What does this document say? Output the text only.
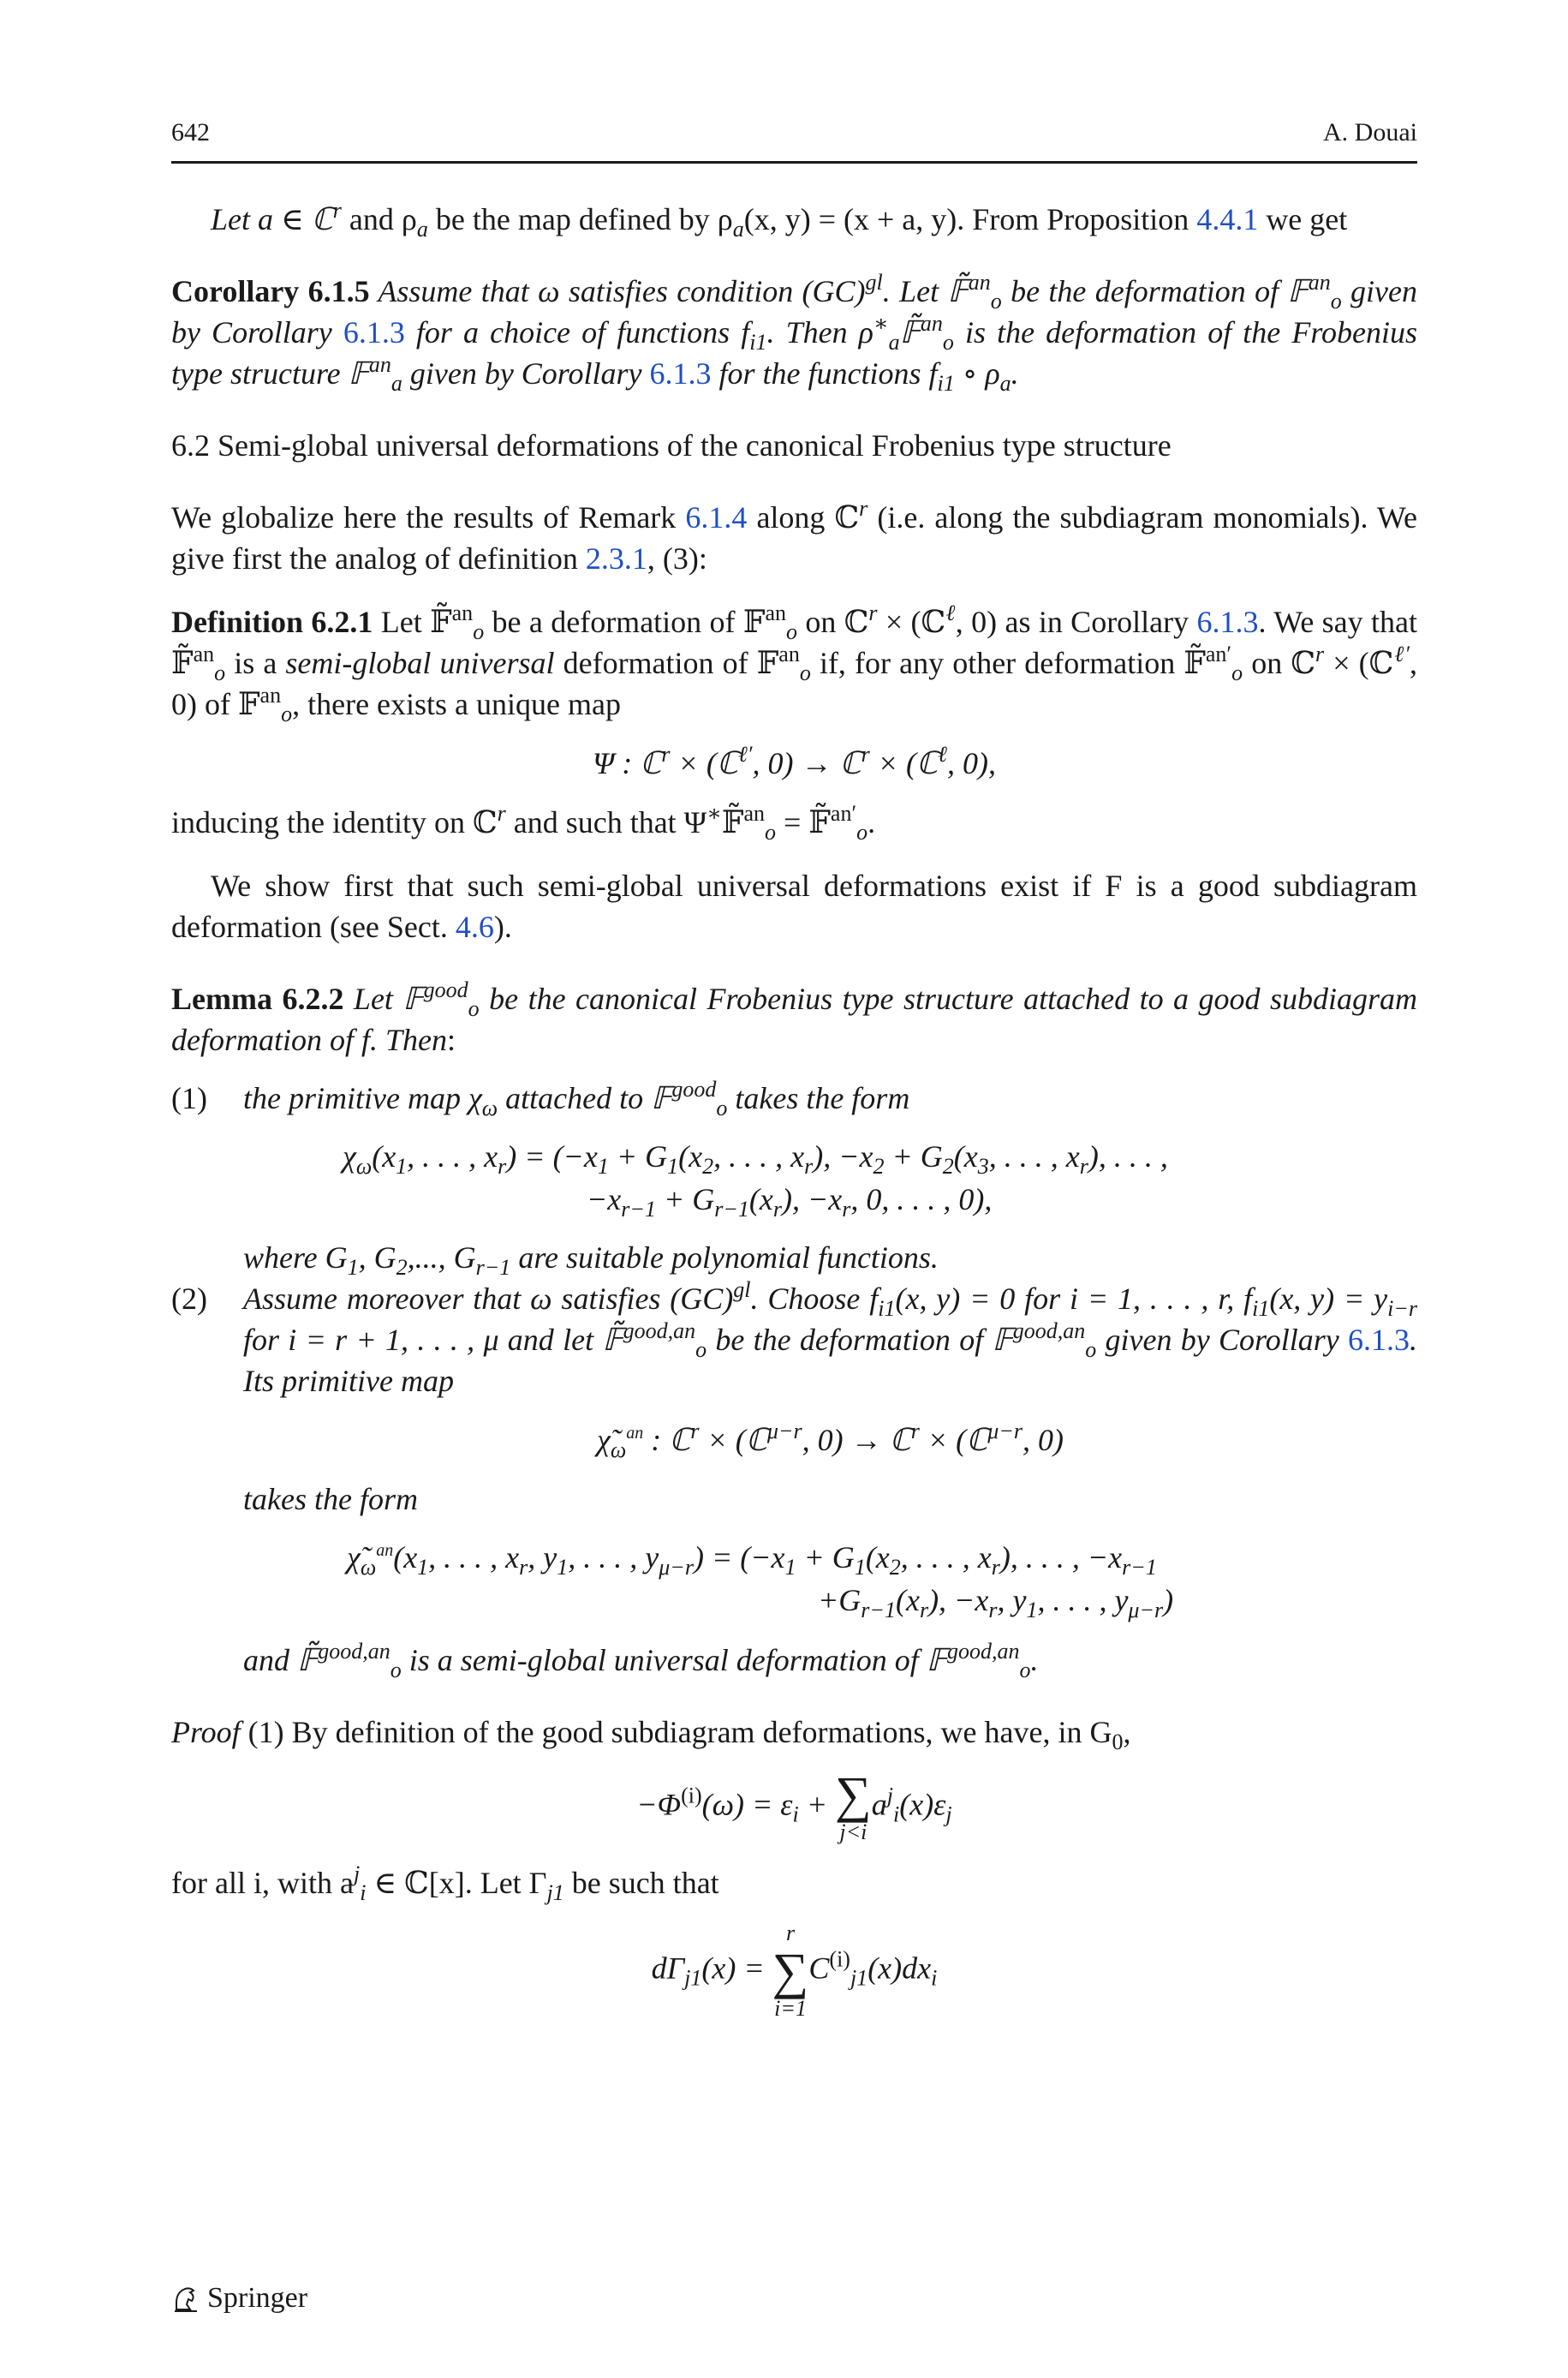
642	A. Douai

Let a ∈ ℂ$^r$ and $\rho_a$ be the map defined by $\rho_a(x$, y) = (x + a, y). From Proposition 4.4.1 we get

Corollary 6.1.5 Assume that ω satisfies condition (GC)$^{gl}$. Let 𝔽̃$^{an}_o$ be the deformation of 𝔽$^{an}_o$ given by Corollary 6.1.3 for a choice of functions $f_{i1}$. Then $\rho^∗_a𝔽̃^{an}_o$ is the deformation of the Frobenius type structure 𝔽$^{an}_a$ given by Corollary 6.1.3 for the functions $f_{i1}$ ∘ $\rho_a$.

6.2 Semi-global universal deformations of the canonical Frobenius type structure

We globalize here the results of Remark 6.1.4 along ℂ$^r$ (i.e. along the subdiagram monomials). We give first the analog of definition 2.3.1, (3):

Definition 6.2.1 Let 𝔽̃$^{an}_o$ be a deformation of 𝔽$^{an}_o$ on ℂ$^r$ × (ℂ$^\ell$, 0) as in Corollary 6.1.3. We say that 𝔽̃$^{an}_o$ is a semi-global universal deformation of 𝔽$^{an}_o$ if, for any other deformation 𝔽̃$^{an'}_o$ on ℂ$^r$ × (ℂ$^{\ell'}$, 0) of 𝔽$^{an}_o$, there exists a unique map

Ψ : ℂ$^r$ × (ℂ$^{\ell'}$, 0) → ℂ$^r$ × (ℂ$^\ell$, 0),

inducing the identity on ℂ$^r$ and such that Ψ∗𝔽̃$^{an}_o$ = 𝔽̃$^{an'}_o$.

We show first that such semi-global universal deformations exist if F is a good subdiagram deformation (see Sect. 4.6).

Lemma 6.2.2 Let 𝔽$^{good}_o$ be the canonical Frobenius type structure attached to a good subdiagram deformation of f. Then:

(1) the primitive map $\chi_\omega$ attached to 𝔽$^{good}_o$ takes the form
$\chi_\omega(x_1$, . . . , $x_r) = (-x_1 + G_1(x_2$, . . . , $x_r$), $-x_2 + G_2(x_3$, . . . , $x_r$), . . . ,
$-x_{r-1} + G_{r-1}(x_r)$, $-x_r$, 0, . . . , 0),
where $G_1$, $G_2$,..., $G_{r-1}$ are suitable polynomial functions.
(2) Assume moreover that ω satisfies (GC)$^{gl}$. Choose $f_{i1}(x$, y) = 0 for i = 1, . . . , r, $f_{i1}(x$, $y) = y_{i-r}$ for i = r + 1, . . . , μ and let 𝔽̃$^{good,an}_o$ be the deformation of 𝔽$^{good,an}_o$ given by Corollary 6.1.3. Its primitive map

$\chĩ_\omega^{an}$ : ℂ$^r$ × (ℂ$^{\mu-r}$, 0) → ℂ$^r$ × (ℂ$^{\mu-r}$, 0)

takes the form
$\chĩ_\omega^{an}(x_1$, . . . , $x_r$, $y_1$, . . . , $y_{\mu-r}) = (-x_1 + G_1(x_2$, . . . , $x_r$), . . . , $-x_{r-1}$
$+G_{r-1}(x_r)$, $-x_r$, $y_1$, . . . , $y_{\mu-r}$)
and 𝔽̃$^{good,an}_o$ is a semi-global universal deformation of 𝔽$^{good,an}_o$.

Proof (1) By definition of the good subdiagram deformations, we have, in $G_0$,

$-\Phi^{(i)}(\omega) = \varepsilon_i$ + ∑
j<i
$a^j_i(x)\varepsilon_j$

for all i, with $a^j_i$ ∈ ℂ[x]. Let $\Gamma_{j1}$ be such that

$d\Gamma_{j1}(x)$ =
r
∑
i=1
$C^{(i)}_{j1}(x)dx_i$
Springer
